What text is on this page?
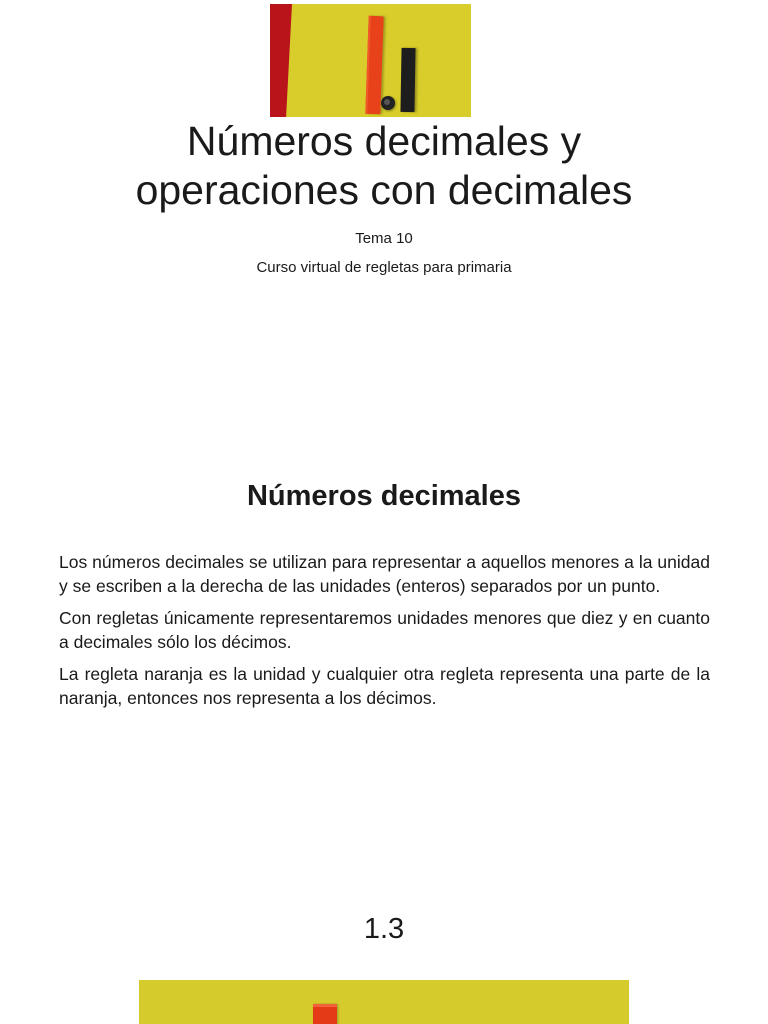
Números decimales y
operaciones con decimales
Tema 10
Curso virtual de regletas para primaria
Números decimales

Los números decimales se utilizan para representar a aquellos menores a la unidad y se escriben a la derecha de las unidades (enteros) separados por un punto.

Con regletas únicamente representaremos unidades menores que diez y en cuanto a decimales sólo los décimos.

La regleta naranja es la unidad y cualquier otra regleta representa una parte de la naranja, entonces nos representa a los décimos.

1.3
